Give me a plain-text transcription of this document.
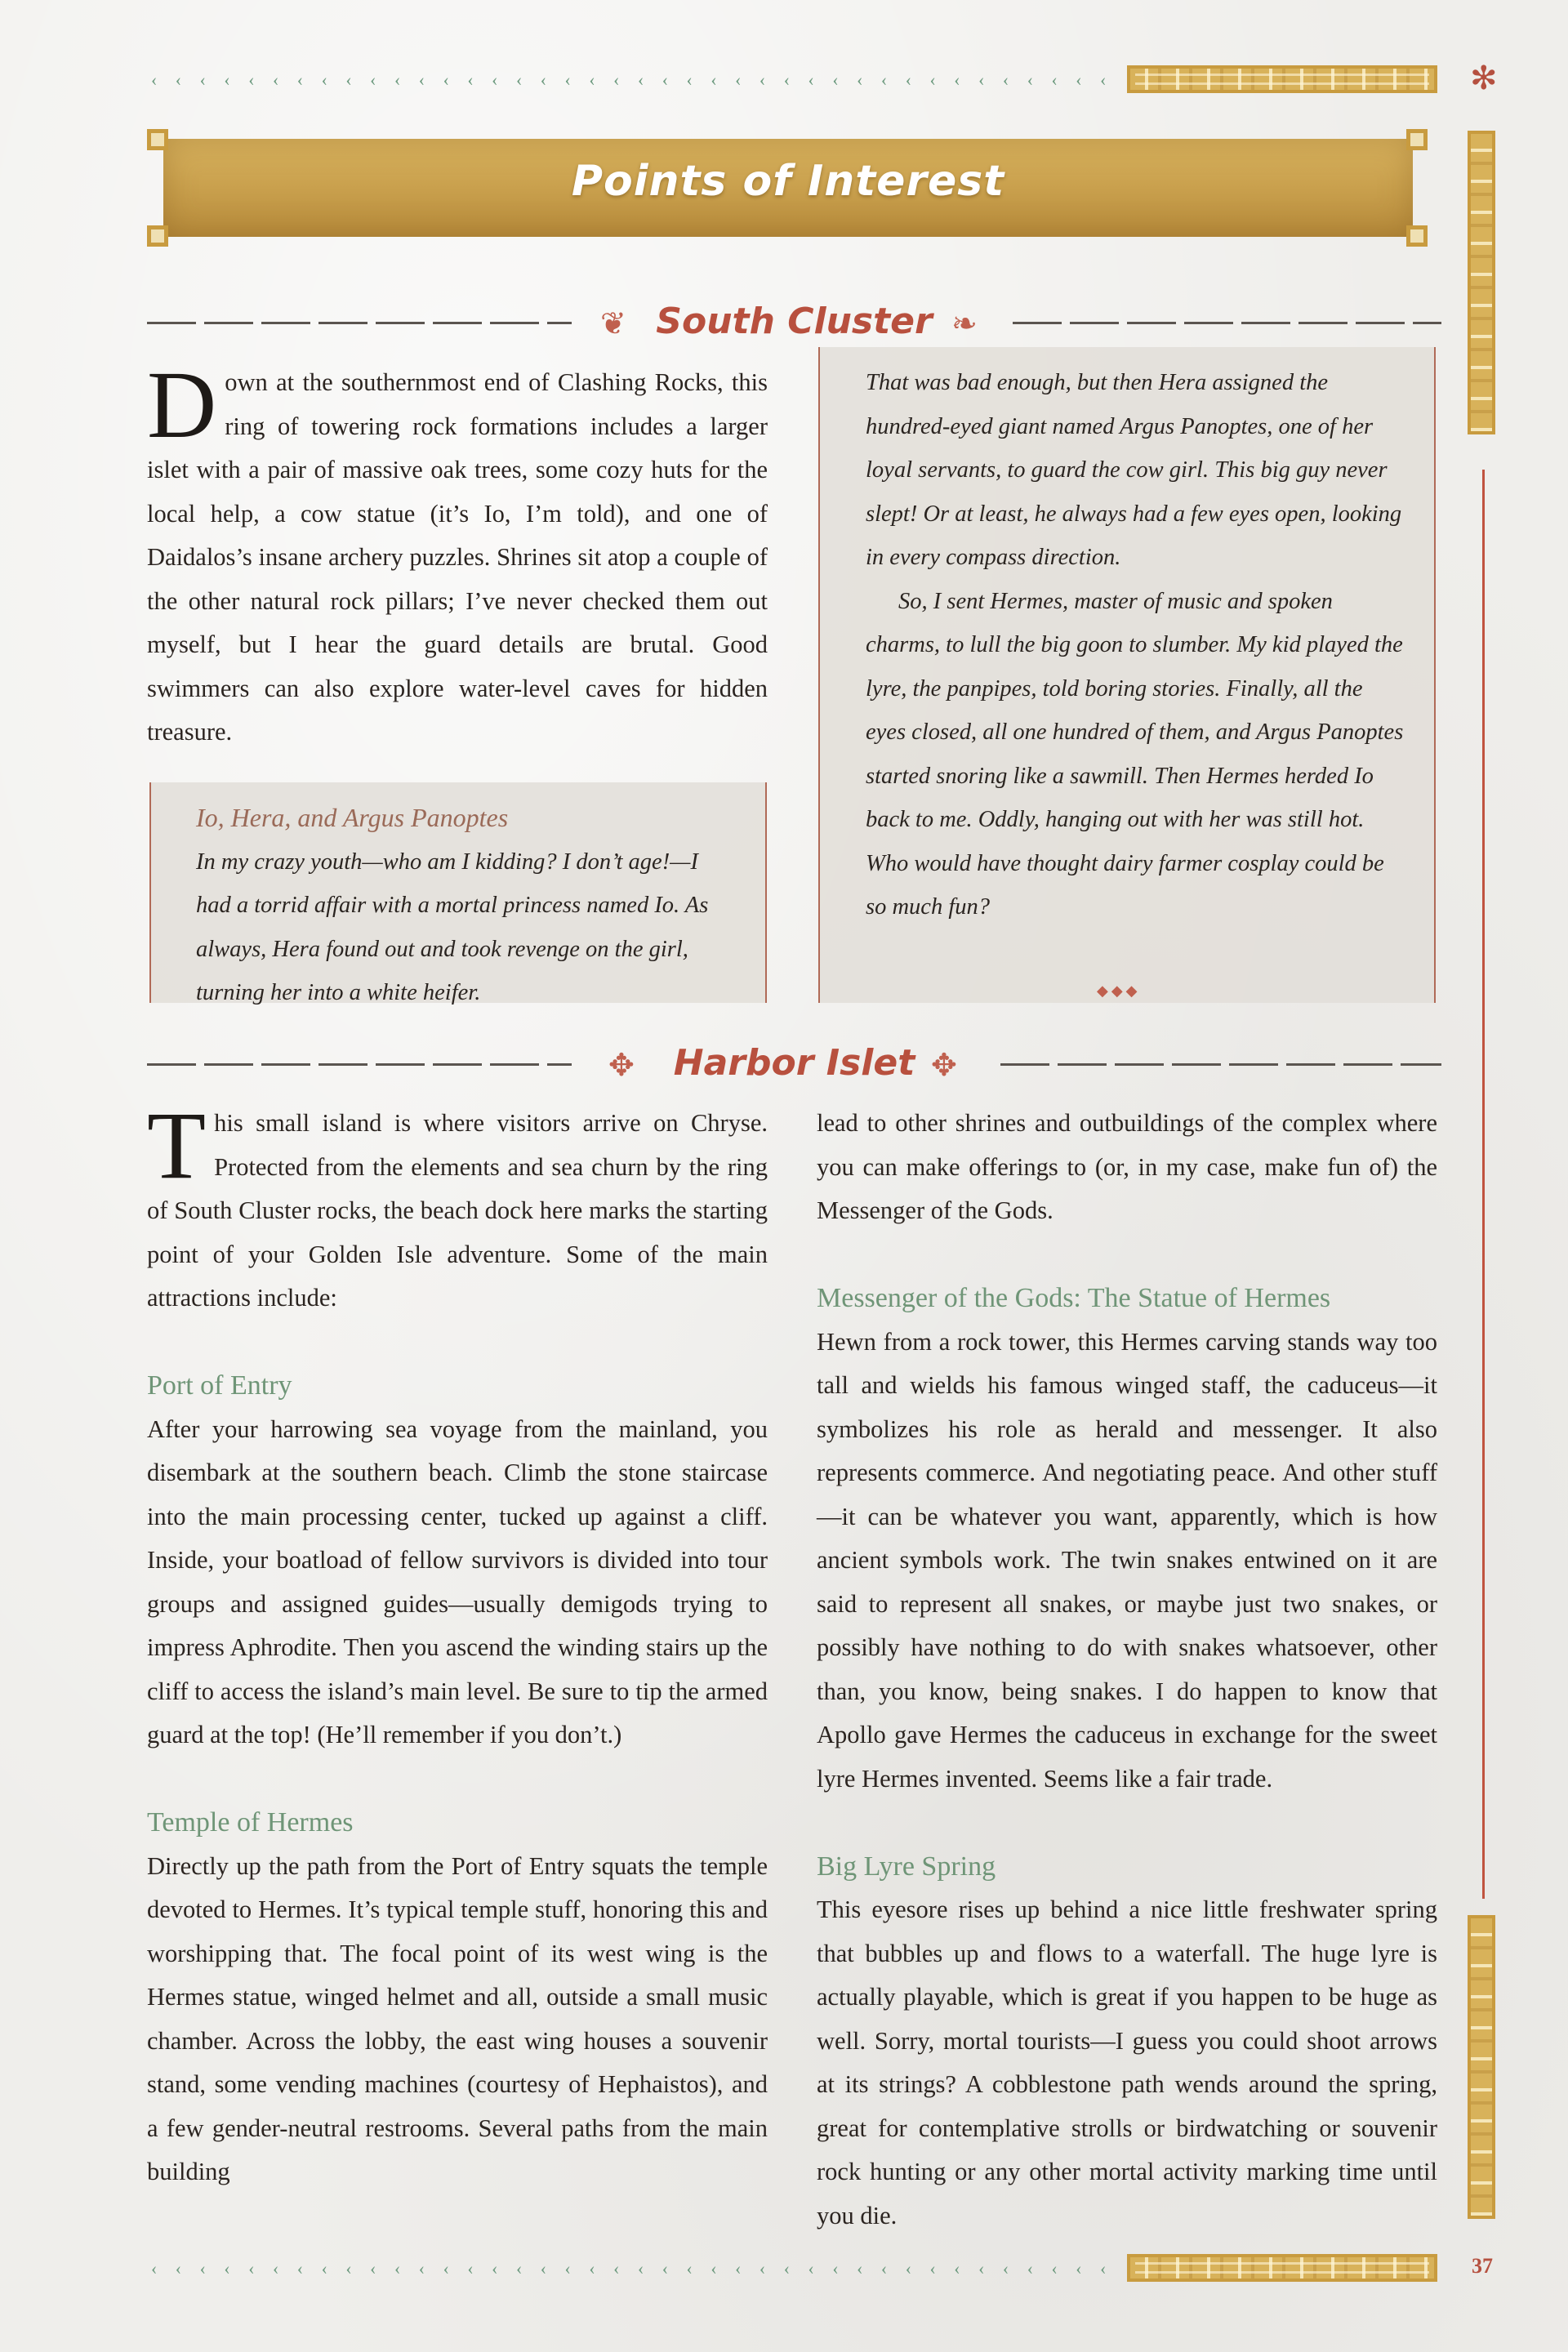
‹ ‹ ‹ ‹ ‹ ‹ ‹ ‹ ‹ ‹ ‹ ‹ ‹ ‹ ‹ ‹ ‹ ‹ ‹ ‹ ‹ ‹ ‹ ‹ ‹ ‹ ‹ ‹ ‹ ‹ ‹ ‹ ‹ ‹ ‹ ‹ ‹ ‹ ‹ ‹	✻
Points of Interest
❦ South Cluster ❧

Down at the southernmost end of Clashing Rocks, this ring of towering rock formations includes a larger islet with a pair of massive oak trees, some cozy huts for the local help, a cow statue (it’s Io, I’m told), and one of Daidalos’s insane archery puzzles. Shrines sit atop a couple of the other natural rock pillars; I’ve never checked them out myself, but I hear the guard details are brutal. Good swimmers can also explore water-level caves for hidden treasure.

Io, Hera, and Argus Panoptes

In my crazy youth—who am I kidding? I don’t age!—I had a torrid affair with a mortal princess named Io. As always, Hera found out and took revenge on the girl, turning her into a white heifer.

That was bad enough, but then Hera assigned the hundred-eyed giant named Argus Panoptes, one of her loyal servants, to guard the cow girl. This big guy never slept! Or at least, he always had a few eyes open, looking in every compass direction.

So, I sent Hermes, master of music and spoken charms, to lull the big goon to slumber. My kid played the lyre, the panpipes, told boring stories. Finally, all the eyes closed, all one hundred of them, and Argus Panoptes started snoring like a sawmill. Then Hermes herded Io back to me. Oddly, hanging out with her was still hot. Who would have thought dairy farmer cosplay could be so much fun?

◆◆◆
✥	Harbor Islet ✥

This small island is where visitors arrive on Chryse. Protected from the elements and sea churn by the ring of South Cluster rocks, the beach dock here marks the starting point of your Golden Isle adventure. Some of the main attractions include:

Port of Entry

After your harrowing sea voyage from the mainland, you disembark at the southern beach. Climb the stone staircase into the main processing center, tucked up against a cliff. Inside, your boatload of fellow survivors is divided into tour groups and assigned guides—usually demigods trying to impress Aphrodite. Then you ascend the winding stairs up the cliff to access the island’s main level. Be sure to tip the armed guard at the top! (He’ll remember if you don’t.)

Temple of Hermes

Directly up the path from the Port of Entry squats the temple devoted to Hermes. It’s typical temple stuff, honoring this and worshipping that. The focal point of its west wing is the Hermes statue, winged helmet and all, outside a small music chamber. Across the lobby, the east wing houses a souvenir stand, some vending machines (courtesy of Hephaistos), and a few gender-neutral restrooms. Several paths from the main building

lead to other shrines and outbuildings of the complex where you can make offerings to (or, in my case, make fun of) the Messenger of the Gods.

Messenger of the Gods: The Statue of Hermes

Hewn from a rock tower, this Hermes carving stands way too tall and wields his famous winged staff, the caduceus—it symbolizes his role as herald and messenger. It also represents commerce. And negotiating peace. And other stuff—it can be whatever you want, apparently, which is how ancient symbols work. The twin snakes entwined on it are said to represent all snakes, or maybe just two snakes, or possibly have nothing to do with snakes whatsoever, other than, you know, being snakes. I do happen to know that Apollo gave Hermes the caduceus in exchange for the sweet lyre Hermes invented. Seems like a fair trade.

Big Lyre Spring

This eyesore rises up behind a nice little freshwater spring that bubbles up and flows to a waterfall. The huge lyre is actually playable, which is great if you happen to be huge as well. Sorry, mortal tourists—I guess you could shoot arrows at its strings? A cobblestone path wends around the spring, great for contemplative strolls or birdwatching or souvenir rock hunting or any other mortal activity marking time until you die.

‹ ‹ ‹ ‹ ‹ ‹ ‹ ‹ ‹ ‹ ‹ ‹ ‹ ‹ ‹ ‹ ‹ ‹ ‹ ‹ ‹ ‹ ‹ ‹ ‹ ‹ ‹ ‹ ‹ ‹ ‹ ‹ ‹ ‹ ‹ ‹ ‹ ‹ ‹ ‹	37
